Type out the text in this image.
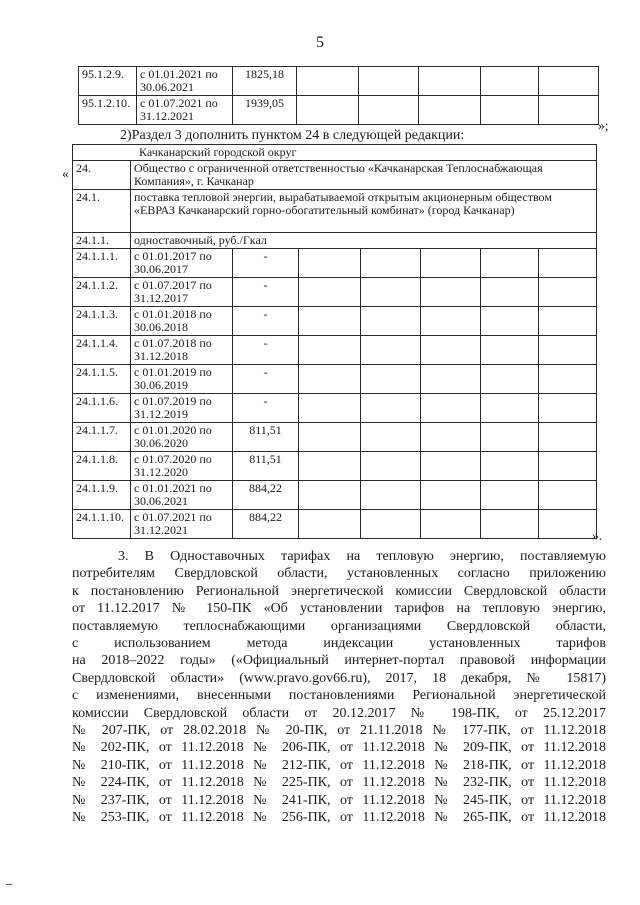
5
95.1.2.9.	с 01.01.2021 по 30.06.2021	1825,18					
95.1.2.10.	с 01.07.2021 по 31.12.2021	1939,05					
»;
2)Раздел 3 дополнить пунктом 24 в следующей редакции:
«
Качканарский городской округ							
24.	Общество с ограниченной ответственностью «Качканарская Теплоснабжающая Компания», г. Качканар						
24.1.	поставка тепловой энергии, вырабатываемой открытым акционерным обществом «ЕВРАЗ Качканарский горно-обогатительный комбинат» (город Качканар)						
24.1.1.	одноставочный, руб./Гкал						
24.1.1.1.	с 01.01.2017 по 30.06.2017	-					
24.1.1.2.	с 01.07.2017 по 31.12.2017	-					
24.1.1.3.	с 01.01.2018 по 30.06.2018	-					
24.1.1.4.	с 01.07.2018 по 31.12.2018	-					
24.1.1.5.	с 01.01.2019 по 30.06.2019	-					
24.1.1.6.	с 01.07.2019 по 31.12.2019	-					
24.1.1.7.	с 01.01.2020 по 30.06.2020	811,51					
24.1.1.8.	с 01.07.2020 по 31.12.2020	811,51					
24.1.1.9.	с 01.01.2021 по 30.06.2021	884,22					
24.1.1.10.	с 01.07.2021 по 31.12.2021	884,22					
».

3. В Одноставочных тарифах на тепловую энергию, поставляемую
потребителям Свердловской области, установленных согласно приложению
к постановлению Региональной энергетической комиссии Свердловской области
от 11.12.2017 № 150-ПК «Об установлении тарифов на тепловую энергию,
поставляемую теплоснабжающими организациями Свердловской области,
с использованием метода индексации установленных тарифов
на 2018–2022 годы» («Официальный интернет-портал правовой информации
Свердловской области» (www.pravo.gov66.ru), 2017, 18 декабря, № 15817)
с изменениями, внесенными постановлениями Региональной энергетической
комиссии Свердловской области от 20.12.2017 № 198-ПК, от 25.12.2017
№ 207-ПК, от 28.02.2018 № 20-ПК, от 21.11.2018 № 177-ПК, от 11.12.2018
№ 202-ПК, от 11.12.2018 № 206-ПК, от 11.12.2018 № 209-ПК, от 11.12.2018
№ 210-ПК, от 11.12.2018 № 212-ПК, от 11.12.2018 № 218-ПК, от 11.12.2018
№ 224-ПК, от 11.12.2018 № 225-ПК, от 11.12.2018 № 232-ПК, от 11.12.2018
№ 237-ПК, от 11.12.2018 № 241-ПК, от 11.12.2018 № 245-ПК, от 11.12.2018
№ 253-ПК, от 11.12.2018 № 256-ПК, от 11.12.2018 № 265-ПК, от 11.12.2018
